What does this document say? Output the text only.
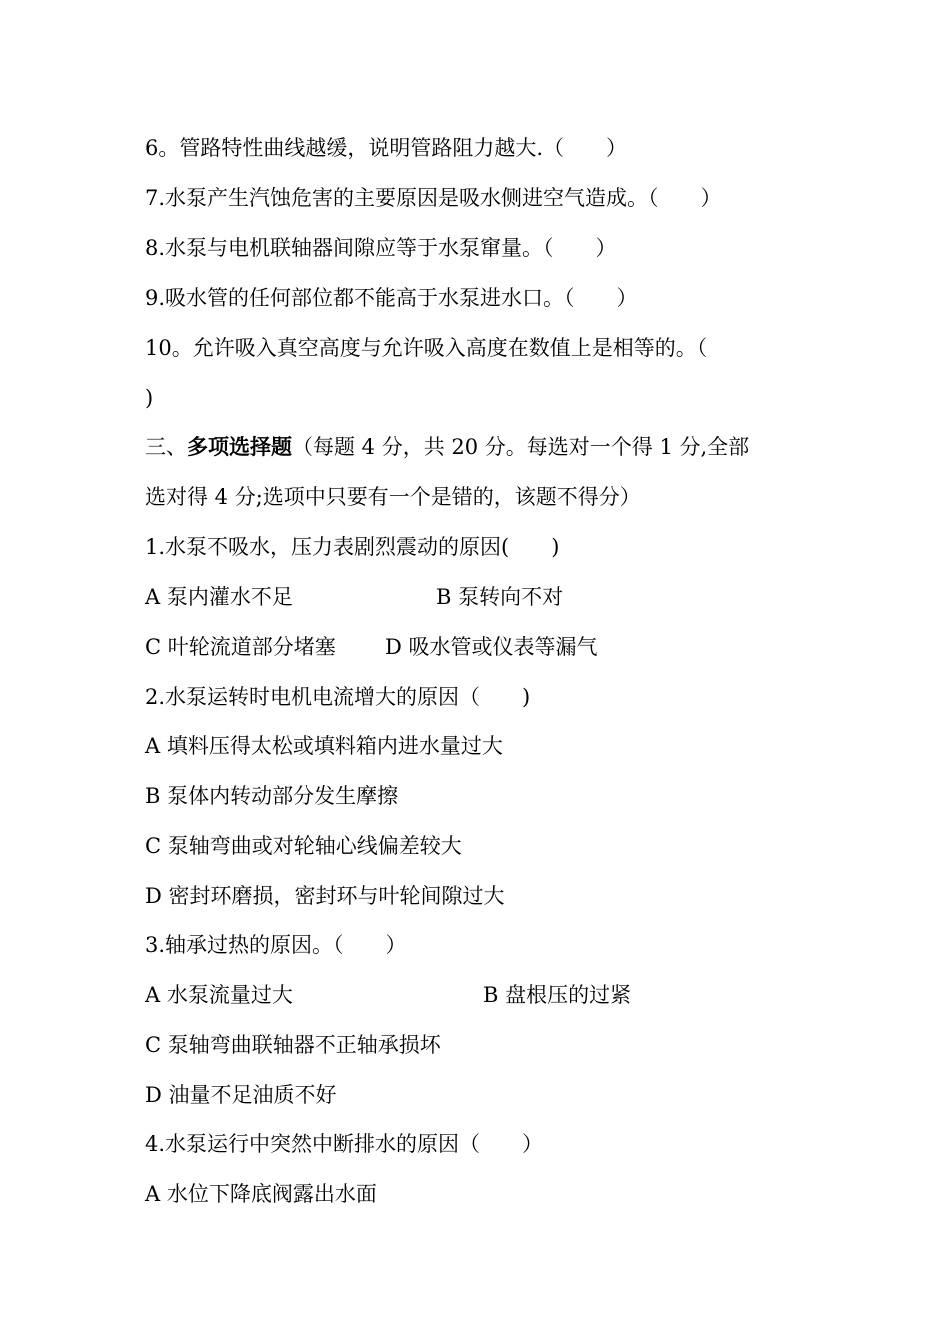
6。管路特性曲线越缓，说明管路阻力越大.（　　）
7.水泵产生汽蚀危害的主要原因是吸水侧进空气造成。（　　）
8.水泵与电机联轴器间隙应等于水泵窜量。（　　）
9.吸水管的任何部位都不能高于水泵进水口。（　　）
10。允许吸入真空高度与允许吸入高度在数值上是相等的。（
)
三、多项选择题（每题 4 分，共 20 分。每选对一个得 1 分,全部
选对得 4 分;选项中只要有一个是错的，该题不得分）
1.水泵不吸水，压力表剧烈震动的原因(　　)
A 泵内灌水不足	B 泵转向不对
C 叶轮流道部分堵塞 D 吸水管或仪表等漏气
2.水泵运转时电机电流增大的原因（　　)
A 填料压得太松或填料箱内进水量过大
B 泵体内转动部分发生摩擦
C 泵轴弯曲或对轮轴心线偏差较大
D 密封环磨损，密封环与叶轮间隙过大
3.轴承过热的原因。（　　）
A 水泵流量过大	B 盘根压的过紧
C 泵轴弯曲联轴器不正轴承损坏
D 油量不足油质不好
4.水泵运行中突然中断排水的原因（　　）
A 水位下降底阀露出水面
